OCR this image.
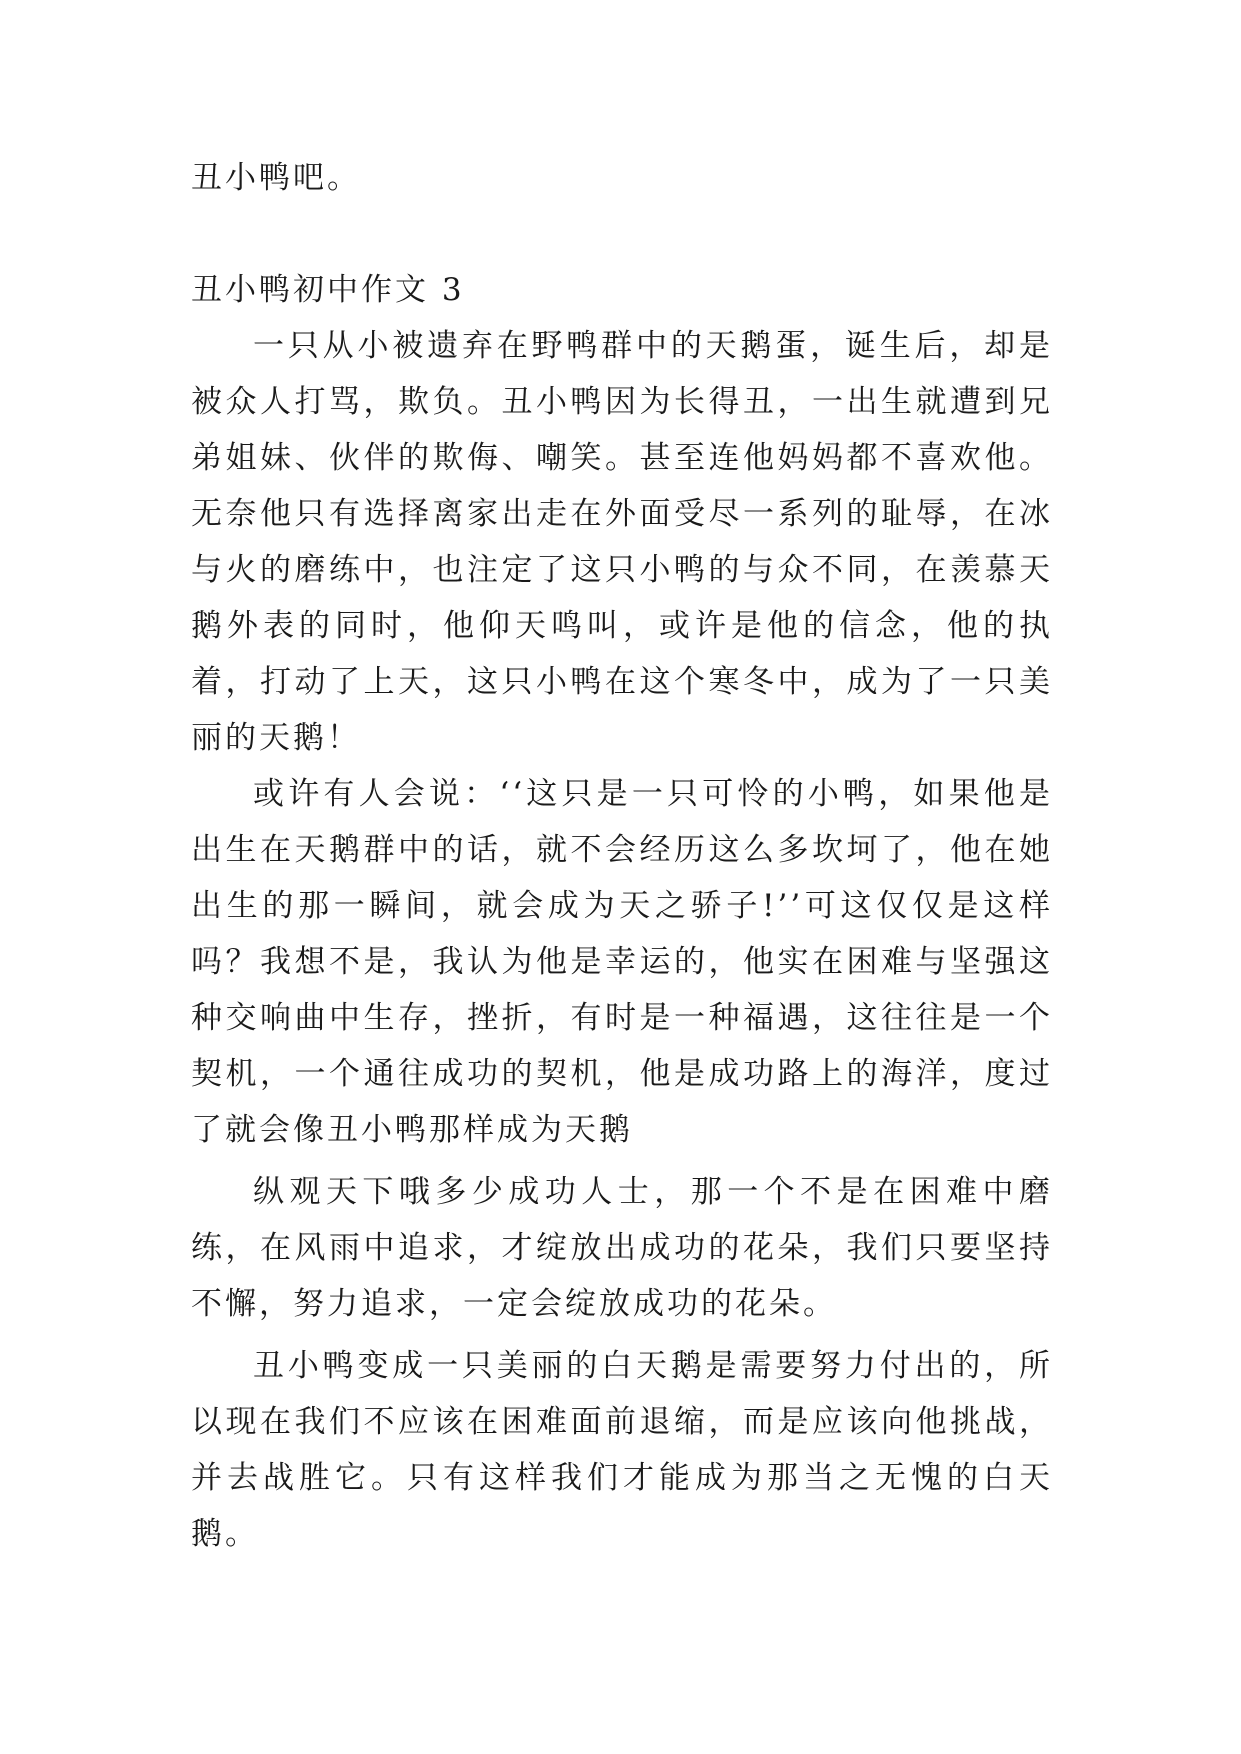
丑小鸭吧。

丑小鸭初中作文 3

一只从小被遗弃在野鸭群中的天鹅蛋，诞生后，却是被众人打骂，欺负。丑小鸭因为长得丑，一出生就遭到兄弟姐妹、伙伴的欺侮、嘲笑。甚至连他妈妈都不喜欢他。无奈他只有选择离家出走在外面受尽一系列的耻辱，在冰与火的磨练中，也注定了这只小鸭的与众不同，在羡慕天鹅外表的同时，他仰天鸣叫，或许是他的信念，他的执着，打动了上天，这只小鸭在这个寒冬中，成为了一只美丽的天鹅！

或许有人会说：‘‘这只是一只可怜的小鸭，如果他是出生在天鹅群中的话，就不会经历这么多坎坷了，他在她出生的那一瞬间，就会成为天之骄子!’’可这仅仅是这样吗？我想不是，我认为他是幸运的，他实在困难与坚强这种交响曲中生存，挫折，有时是一种福遇，这往往是一个契机，一个通往成功的契机，他是成功路上的海洋，度过了就会像丑小鸭那样成为天鹅

纵观天下哦多少成功人士，那一个不是在困难中磨练，在风雨中追求，才绽放出成功的花朵，我们只要坚持不懈，努力追求，一定会绽放成功的花朵。

丑小鸭变成一只美丽的白天鹅是需要努力付出的，所以现在我们不应该在困难面前退缩，而是应该向他挑战，并去战胜它。只有这样我们才能成为那当之无愧的白天鹅。
